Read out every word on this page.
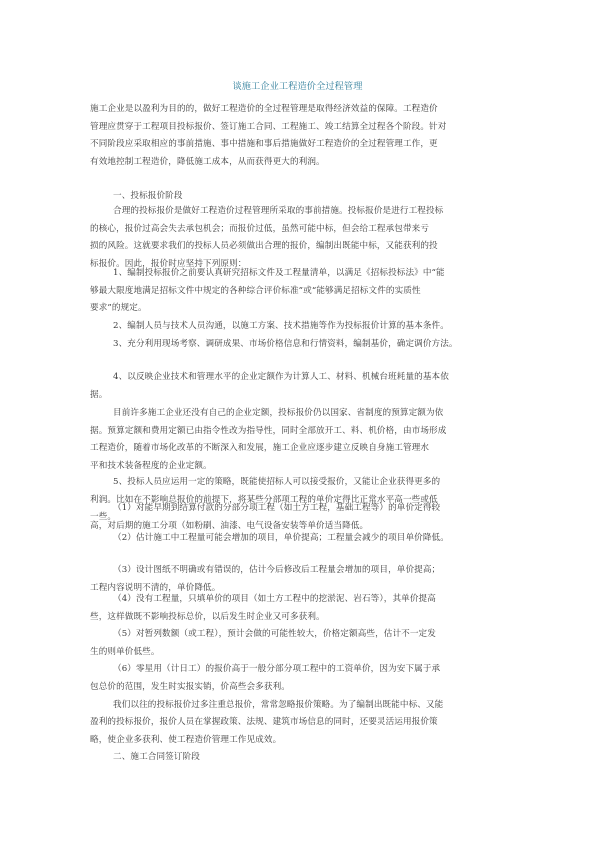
谈施工企业工程造价全过程管理
施工企业是以盈利为目的的，做好工程造价的全过程管理是取得经济效益的保障。工程造价
管理应贯穿于工程项目投标报价、签订施工合同、工程施工、竣工结算全过程各个阶段。针对
不同阶段应采取相应的事前措施、事中措施和事后措施做好工程造价的全过程管理工作，更
有效地控制工程造价，降低施工成本，从而获得更大的利润。
一、投标报价阶段
合理的投标报价是做好工程造价过程管理所采取的事前措施。投标报价是进行工程投标
的核心，报价过高会失去承包机会；而报价过低，虽然可能中标，但会给工程承包带来亏
损的风险。这就要求我们的投标人员必须做出合理的报价，编制出既能中标，又能获利的投
标报价。因此，报价时应坚持下列原则：
1、编制投标报价之前要认真研究招标文件及工程量清单，以满足《招标投标法》中“能
够最大限度地满足招标文件中规定的各种综合评价标准”或“能够满足招标文件的实质性
要求”的规定。
2、编制人员与技术人员沟通，以施工方案、技术措施等作为投标报价计算的基本条件。
3、充分利用现场考察、调研成果、市场价格信息和行情资料，编制基价，确定调价方法。
4、以反映企业技术和管理水平的企业定额作为计算人工、材料、机械台班耗量的基本依
据。
目前许多施工企业还没有自己的企业定额，投标报价仍以国家、省制度的预算定额为依
据。预算定额和费用定额已由指令性改为指导性，同时全部放开工、料、机价格，由市场形成
工程造价，随着市场化改革的不断深入和发展，施工企业应逐步建立反映自身施工管理水
平和技术装备程度的企业定额。
5、投标人员应运用一定的策略，既能使招标人可以接受报价，又能让企业获得更多的
利润。比如在不影响总报价的前提下，将某些分部项工程的单价定得比正常水平高一些或低
一些。
（1）对能早期到结算付款的分部分项工程（如土方工程，基础工程等）的单价定得较
高，对后期的施工分项（如粉刷、油漆、电气设备安装等单价适当降低。
（2）估计施工中工程量可能会增加的项目，单价提高；工程量会减少的项目单价降低。
（3）设计图纸不明确或有错误的，估计今后修改后工程量会增加的项目，单价提高；
工程内容说明不清的，单价降低。
（4）没有工程量，只填单价的项目（如土方工程中的挖淤泥、岩石等），其单价提高
些，这样做既不影响投标总价，以后发生时企业又可多获利。
（5）对暂列数额（或工程），预计会做的可能性较大，价格定额高些，估计不一定发
生的则单价低些。
（6）零星用（计日工）的报价高于一般分部分项工程中的工资单价，因为安下属于承
包总价的范围，发生时实报实销，价高些会多获利。
我们以往的投标报价过多注重总报价，常常忽略报价策略。为了编制出既能中标、又能
盈利的投标报价，报价人员在掌握政策、法规、建筑市场信息的同时，还要灵活运用报价策
略，使企业多获利、使工程造价管理工作见成效。
二、施工合同签订阶段
